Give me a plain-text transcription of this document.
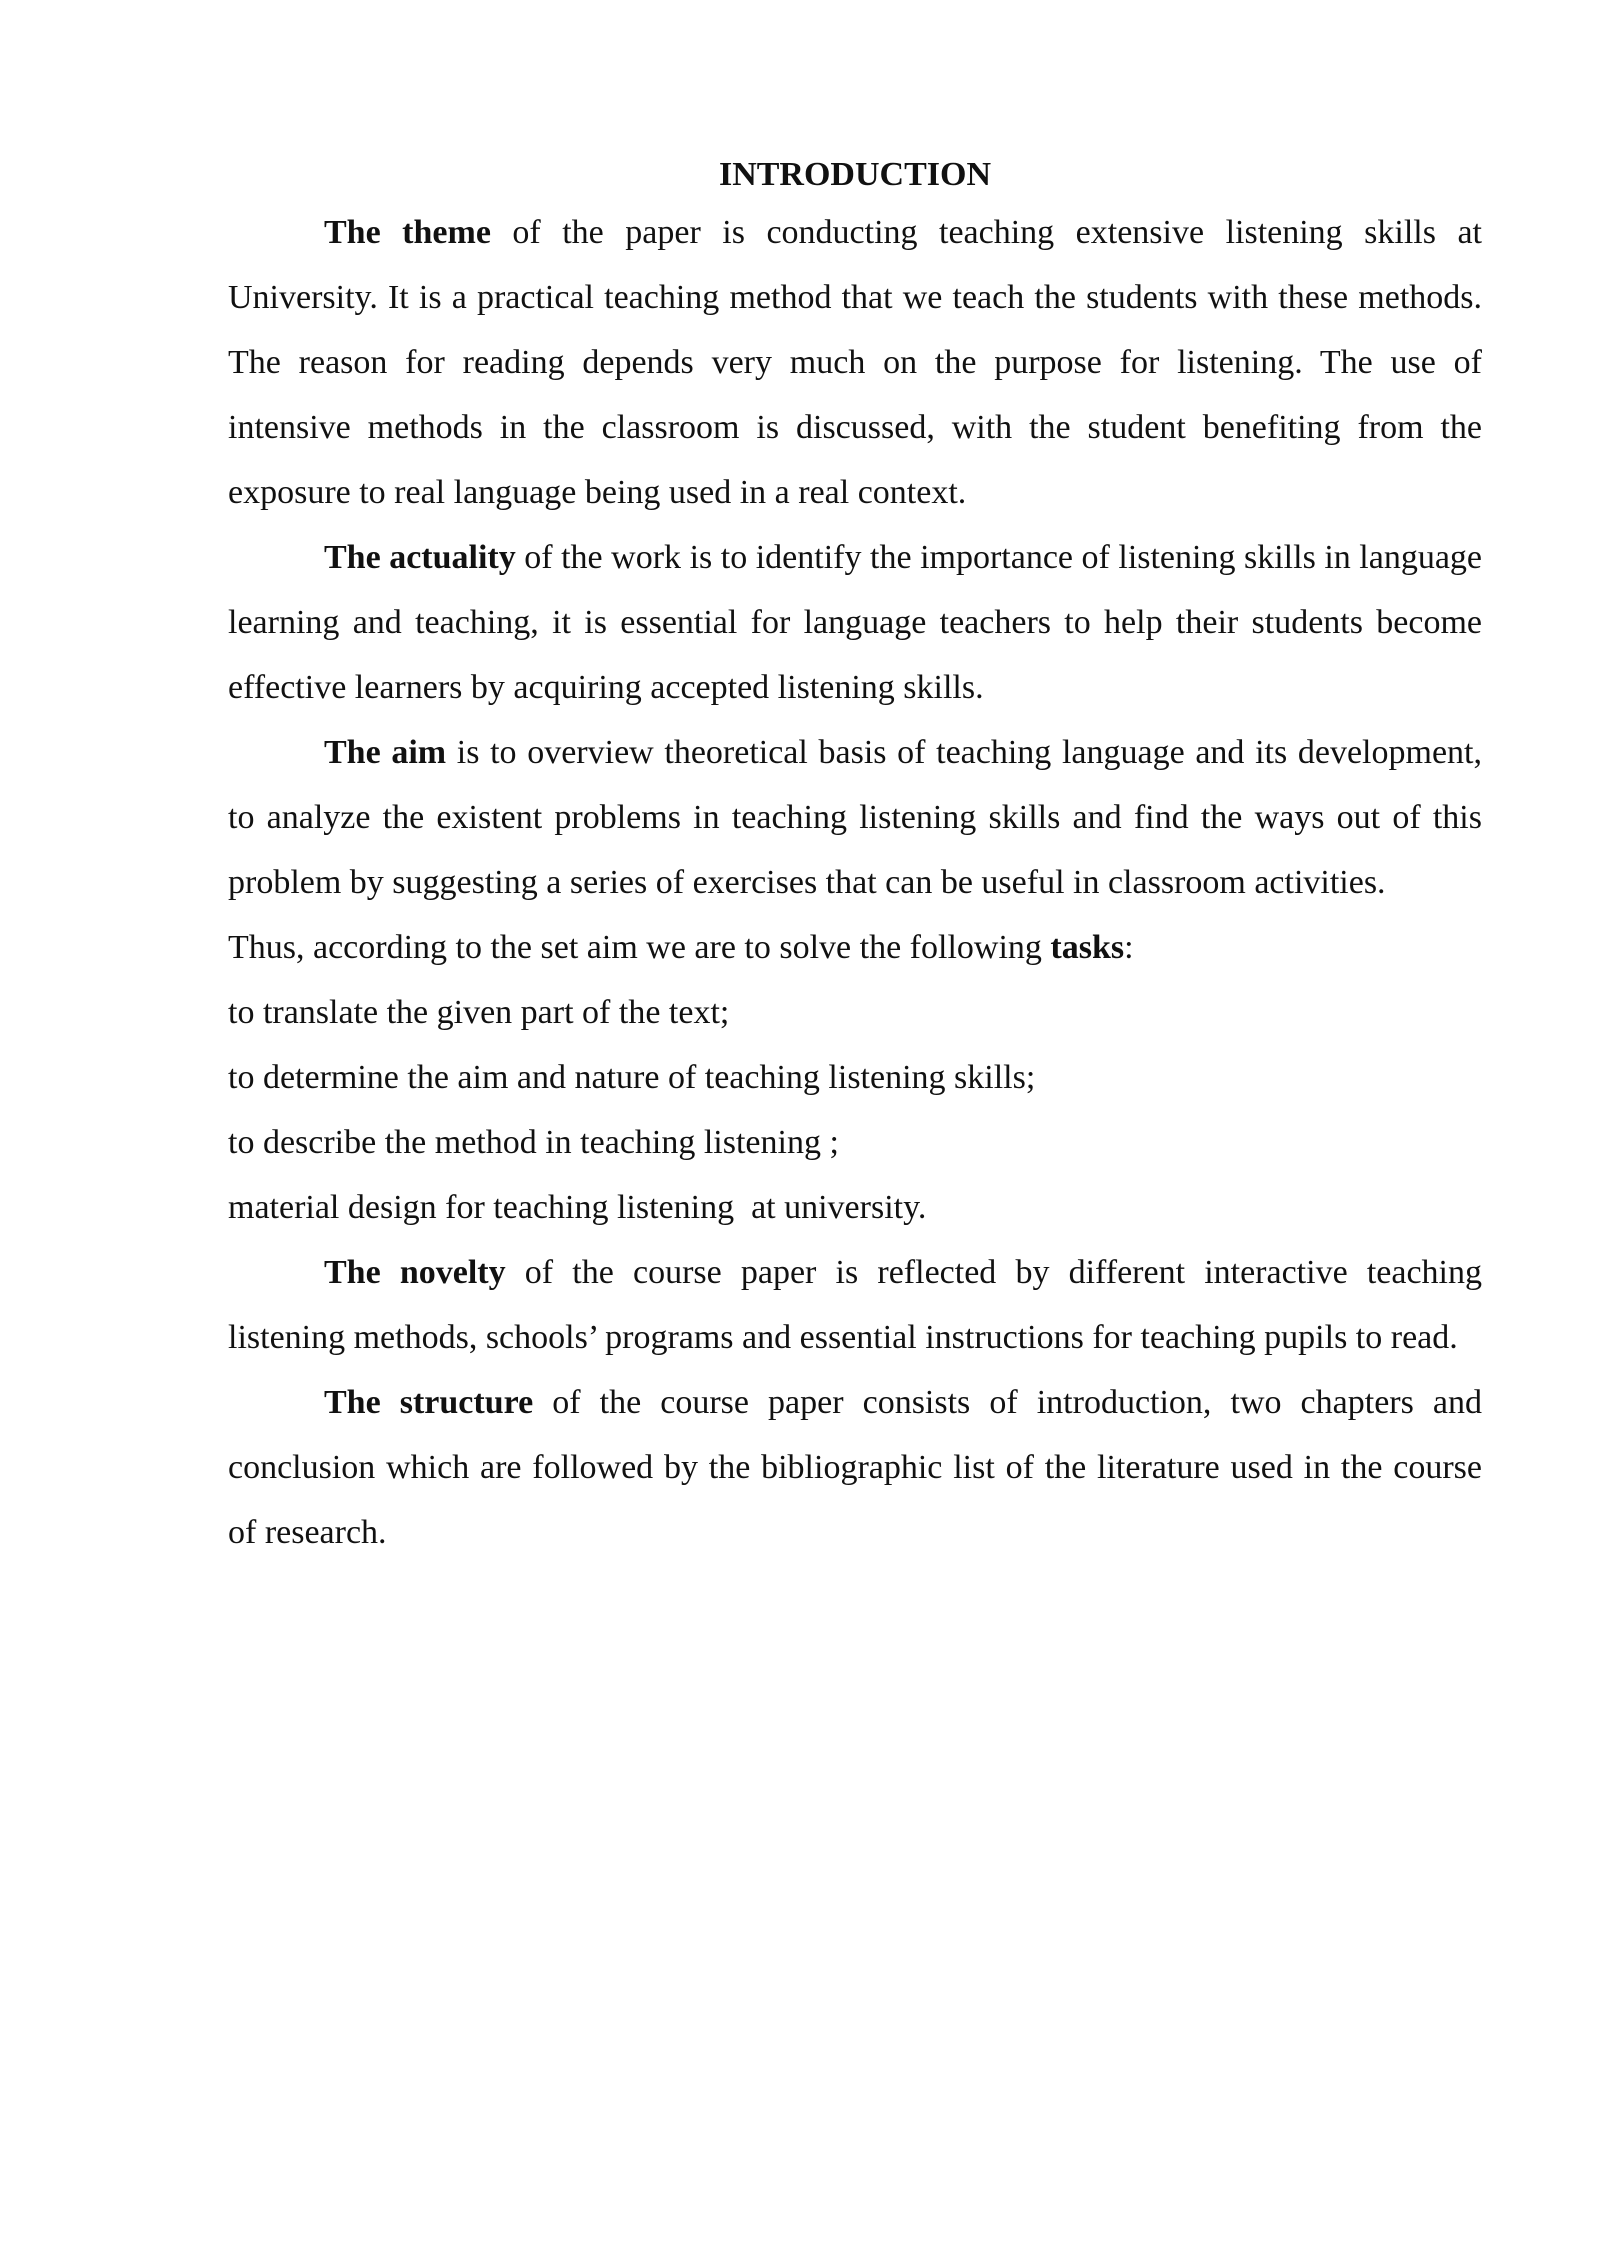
INTRODUCTION

The theme of the paper is conducting teaching extensive listening skills at University. It is a practical teaching method that we teach the students with these methods. The reason for reading depends very much on the purpose for listening. The use of intensive methods in the classroom is discussed, with the student benefiting from the exposure to real language being used in a real context.

The actuality of the work is to identify the importance of listening skills in language learning and teaching, it is essential for language teachers to help their students become effective learners by acquiring accepted listening skills.

The aim is to overview theoretical basis of teaching language and its development, to analyze the existent problems in teaching listening skills and find the ways out of this problem by suggesting a series of exercises that can be useful in classroom activities.

Thus, according to the set aim we are to solve the following tasks:

to translate the given part of the text;

to determine the aim and nature of teaching listening skills;

to describe the method in teaching listening ;

material design for teaching listening  at university.

The novelty of the course paper is reflected by different interactive teaching listening methods, schools’ programs and essential instructions for teaching pupils to read.

The structure of the course paper consists of introduction, two chapters and conclusion which are followed by the bibliographic list of the literature used in the course of research.
